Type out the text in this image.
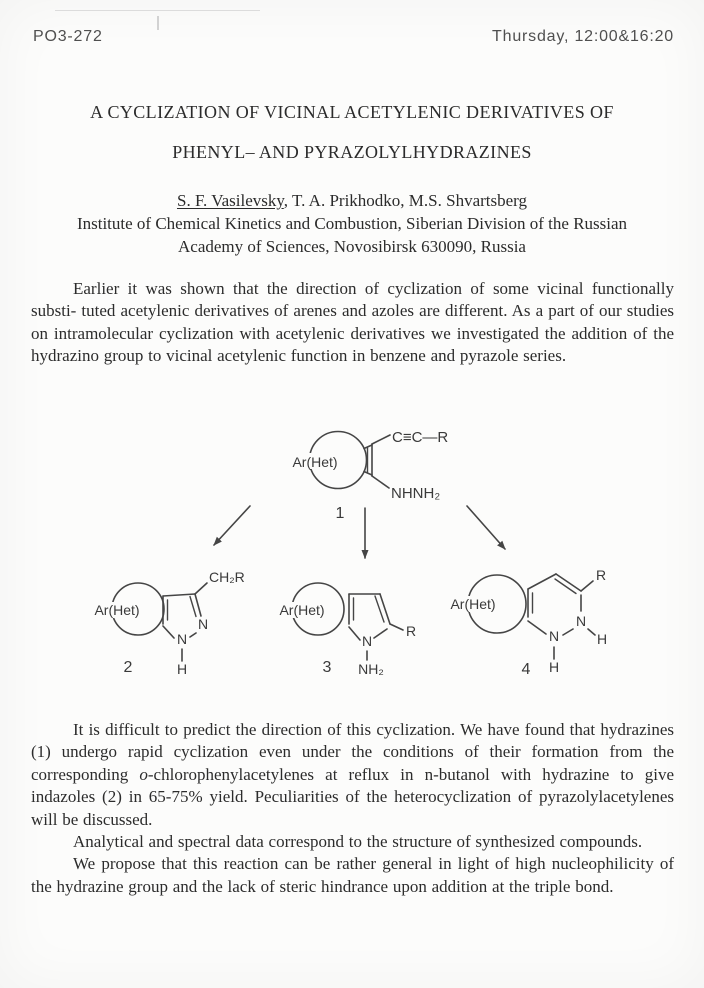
PO3-272	Thursday, 12:00&16:20
A CYCLIZATION OF VICINAL ACETYLENIC DERIVATIVES OF
PHENYL– AND PYRAZOLYLHYDRAZINES
S. F. Vasilevsky, T. A. Prikhodko, M.S. Shvartsberg
Institute of Chemical Kinetics and Combustion, Siberian Division of the Russian
Academy of Sciences, Novosibirsk 630090, Russia

Earlier it was shown that the direction of cyclization of some vicinal functionally substi- tuted acetylenic derivatives of arenes and azoles are different. As a part of our studies on intramolecular cyclization with acetylenic derivatives we investigated the addition of the hydrazino group to vicinal acetylenic function in benzene and pyrazole series.

Ar(Het)
C≡C—R
NHNH₂
1
Ar(Het)
CH₂R
N
N
H
2
Ar(Het)
R
N
NH₂
3
Ar(Het)
R
N
H
N
H
4

It is difficult to predict the direction of this cyclization. We have found that hydrazines (1) undergo rapid cyclization even under the conditions of their formation from the corresponding o-chlorophenylacetylenes at reflux in n-butanol with hydrazine to give indazoles (2) in 65-75% yield. Peculiarities of the heterocyclization of pyrazolylacetylenes will be discussed.

Analytical and spectral data correspond to the structure of synthesized compounds.

We propose that this reaction can be rather general in light of high nucleophilicity of the hydrazine group and the lack of steric hindrance upon addition at the triple bond.
